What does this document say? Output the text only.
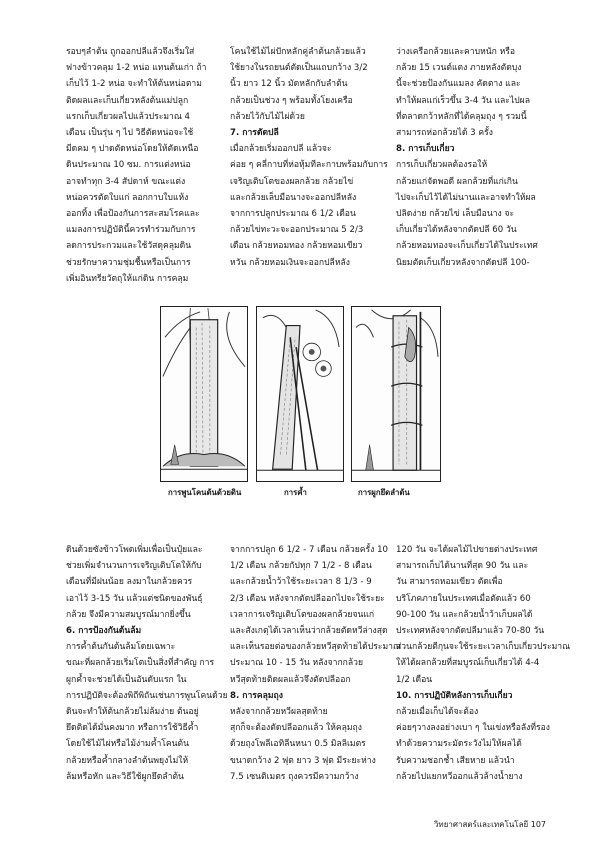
รอบๆลำต้น ถูกออกปลีแล้วจึงเริ่มใส่

ฟางข้าวคลุม 1-2 หน่อ แทนต้นเก่า ถ้า

เก็บไว้ 1-2 หน่อ จะทำให้ต้นหน่อตาม

ติดผลและเก็บเกี่ยวหลังต้นแม่ปลูก

แรกเก็บเกี่ยวผลไปแล้วประมาณ 4

เดือน เป็นรุ่น ๆ ไป วิธีตัดหน่อจะใช้

มีดคม ๆ ปาดตัดหน่อโดยให้ตัดเหนือ

ดินประมาณ 10 ซม. การแต่งหน่อ

อาจทำทุก 3-4 สัปดาห์ ขณะแต่ง

หน่อควรตัดใบแก่ ลอกกาบใบแห้ง

ออกทิ้ง เพื่อป้องกันการสะสมโรคและ

แมลงการปฏิบัตินี้ควรทำร่วมกับการ

ลดการประกวมและใช้วัสดุคลุมดิน

ช่วยรักษาความชุ่มชื้นหรือเป็นการ

เพิ่มอินทรียวัตถุให้แก่ดิน การคลุม

โคนใช้ไม้ไผ่ปักหลักคู่ลำต้นกล้วยแล้ว

ใช้ยางในรถยนต์ตัดเป็นแถบกว้าง 3/2

นิ้ว ยาว 12 นิ้ว มัดหลักกับลำต้น

กล้วยเป็นช่วง ๆ พร้อมทั้งโยงเครือ

กล้วยไว้กับไม้ไผ่ด้วย

7. การตัดปลี

เมื่อกล้วยเริ่มออกปลี แล้วจะ

ค่อย ๆ คลี่กาบที่ห่อหุ้มทีละกาบพร้อมกับการ

เจริญเติบโตของผลกล้วย กล้วยไข่

และกล้วยเล็บมือนางจะออกปลีหลัง

จากการปลูกประมาณ 6 1/2 เดือน

กล้วยไข่ทะวะจะออกประมาณ 5 2/3

เดือน กล้วยหอมทอง กล้วยหอมเขียว

หวัน กล้วยหอมเงินจะออกปลีหลัง

ว่างเครือกล้วยและคาบหนัก หรือ

กล้วย 15 เวนต์แตง ภายหลังตัดบุง

นี้จะช่วยป้องกันแมลง คัดตาง และ

ทำให้ผลแก่เร็วขึ้น 3-4 วัน และไปผล

ที่ตลาดกว้าหลักที่ได้คลุมถุง ๆ รวมนี้

สามารถห่อกล้วยได้ 3 ครั้ง

8. การเก็บเกี่ยว

การเก็บเกี่ยวผลต้องรอให้

กล้วยแก่จัดพอดี ผลกล้วยที่แก่เกิน

ไปจะเก็บไว้ได้ไม่นานและอาจทำให้ผล

ปลิดง่าย กล้วยไข่ เล็บมือนาง จะ

เก็บเกี่ยวได้หลังจากตัดปลี 60 วัน

กล้วยหอมทองจะเก็บเกี่ยวได้ในประเทศ

นิยมตัดเก็บเกี่ยวหลังจากตัดปลี 100-

การพูนโคนต้นด้วยดิน	การค้ำ	การผูกยึดลำต้น

ดินด้วยซังข้าวโพดเพิ่มเพื่อเป็นปุ๋ยและ

ช่วยเพิ่มจำนวนการเจริญเติบโตให้กับ

เดือนที่มีฝนน้อย ลงมาในกล้วยควร

เอาไว้ 3-15 วัน แล้วแต่ชนิดของพันธุ์

กล้วย จึงมีความสมบูรณ์มากยิ่งขึ้น

6. การป้องกันต้นล้ม

การค้ำต้นกันต้นล้มโดยเฉพาะ

ขณะที่ผลกล้วยเริ่มโตเป็นสิ่งที่สำคัญ การ

ผูกค้ำจะช่วยได้เป็นอันดับแรก ใน

การปฏิบัติจะต้องพิถีพิถันเช่นการพูนโคนด้วย

ดินจะทำให้ต้นกล้วยไม่ล้มง่าย ต้นอยู่

ยึดติดได้มั่นคงมาก หรือการใช้วิธีค้ำ

โดยใช้ไม้ไผ่หรือไม้ง่ามค้ำโคนต้น

กล้วยหรือค้ำกลางลำต้นพยุงไม่ให้

ล้มหรือหัก และวิธีใช้ผูกยึดลำต้น

จากการปลูก 6 1/2 - 7 เดือน กล้วยครั้ง 10

1/2 เดือน กล้วยกัปทุก 7 1/2 - 8 เดือน

และกล้วยน้ำว้าใช้ระยะเวลา 8 1/3 - 9

2/3 เดือน หลังจากตัดปลีออกไปจะใช้ระยะ

เวลาการเจริญเติบโตของผลกล้วยจนแก่

และสังเกตุได้เวลาเห็นว่ากล้วยตัดหวีล่างสุด

และเห็นรอยต่อของกล้วยหวีสุดท้ายได้ประมาณ

ประมาณ 10 - 15 วัน หลังจากกล้วย

หวีสุดท้ายติดผลแล้วจึงตัดปลีออก

8. การคลุมถุง

หลังจากกล้วยหวีผลสุดท้าย

สุกก็จะต้องตัดปลีออกแล้ว ให้คลุมถุง

ด้วยถุงโพลีเอทิลีนหนา 0.5 มิลลิเมตร

ขนาดกว้าง 2 ฟุต ยาว 3 ฟุต มีระยะห่าง

7.5 เซนติเมตร ถุงควรมีความกว้าง

120 วัน จะได้ผลไม้ไปขายต่างประเทศ

สามารถเก็บได้นานที่สุด 90 วัน และ

วัน สามารถหอมเขียว ตัดเพื่อ

บริโภคภายในประเทศเมื่อตัดแล้ว 60

90-100 วัน และกล้วยน้ำว้าเก็บผลได้

ประเทศหลังจากตัดปลีมาแล้ว 70-80 วัน

ส่วนกล้วยตีกุนจะใช้ระยะเวลาเก็บเกี่ยวประมาณ

ให้ได้ผลกล้วยที่สมบูรณ์เก็บเกี่ยวได้ 4-4

1/2 เดือน

10. การปฏิบัติหลังการเก็บเกี่ยว

กล้วยเมื่อเก็บได้จะต้อง

ค่อยๆวางลงอย่างเบา ๆ ในเข่งหรือลังที่รอง

ทำด้วยความระมัดระวังไม่ให้ผลได้

รับความชอกช้ำ เสียหาย แล้วนำ

กล้วยไปแยกหวีออกแล้วล้างน้ำยาง

วิทยาศาสตร์และเทคโนโลยี 107
